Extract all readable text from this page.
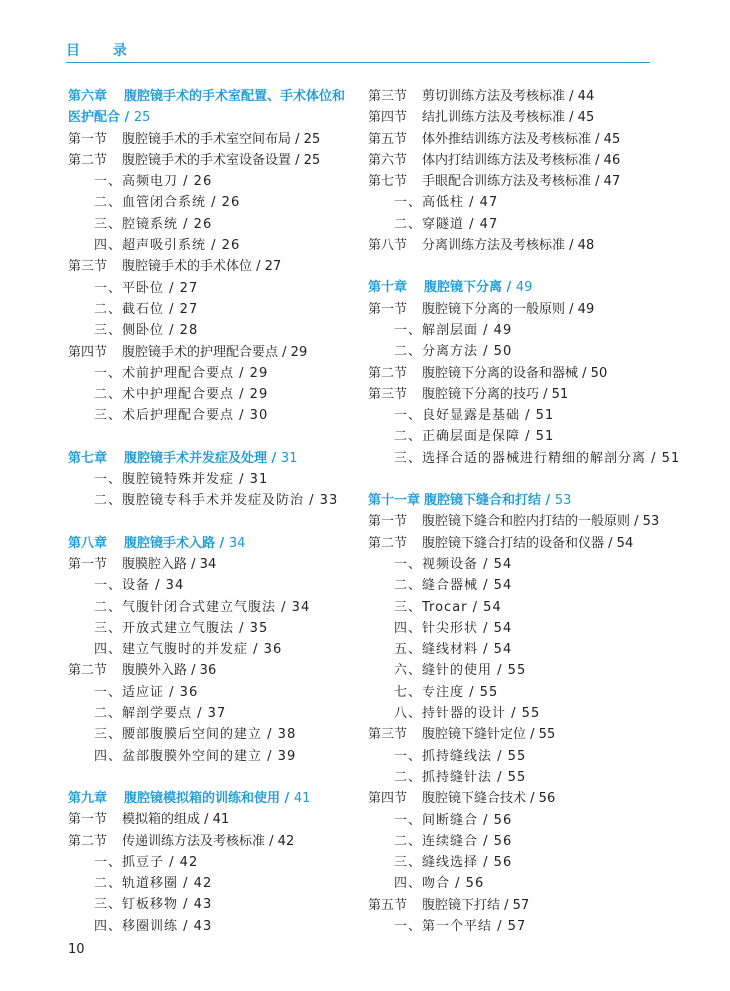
目 录
第六章 腹腔镜手术的手术室配置、手术体位和
医护配合 / 25
第一节 腹腔镜手术的手术室空间布局 / 25
第二节 腹腔镜手术的手术室设备设置 / 25
一、高频电刀 / 26
二、血管闭合系统 / 26
三、腔镜系统 / 26
四、超声吸引系统 / 26
第三节 腹腔镜手术的手术体位 / 27
一、平卧位 / 27
二、截石位 / 27
三、侧卧位 / 28
第四节 腹腔镜手术的护理配合要点 / 29
一、术前护理配合要点 / 29
二、术中护理配合要点 / 29
三、术后护理配合要点 / 30
第七章 腹腔镜手术并发症及处理 / 31
一、腹腔镜特殊并发症 / 31
二、腹腔镜专科手术并发症及防治 / 33
第八章 腹腔镜手术入路 / 34
第一节 腹膜腔入路 / 34
一、设备 / 34
二、气腹针闭合式建立气腹法 / 34
三、开放式建立气腹法 / 35
四、建立气腹时的并发症 / 36
第二节 腹膜外入路 / 36
一、适应证 / 36
二、解剖学要点 / 37
三、腰部腹膜后空间的建立 / 38
四、盆部腹膜外空间的建立 / 39
第九章 腹腔镜模拟箱的训练和使用 / 41
第一节 模拟箱的组成 / 41
第二节 传递训练方法及考核标准 / 42
一、抓豆子 / 42
二、轨道移圈 / 42
三、钉板移物 / 43
四、移圈训练 / 43
第三节 剪切训练方法及考核标准 / 44
第四节 结扎训练方法及考核标准 / 45
第五节 体外推结训练方法及考核标准 / 45
第六节 体内打结训练方法及考核标准 / 46
第七节 手眼配合训练方法及考核标准 / 47
一、高低柱 / 47
二、穿隧道 / 47
第八节 分离训练方法及考核标准 / 48
第十章 腹腔镜下分离 / 49
第一节 腹腔镜下分离的一般原则 / 49
一、解剖层面 / 49
二、分离方法 / 50
第二节 腹腔镜下分离的设备和器械 / 50
第三节 腹腔镜下分离的技巧 / 51
一、良好显露是基础 / 51
二、正确层面是保障 / 51
三、选择合适的器械进行精细的解剖分离 / 51
第十一章 腹腔镜下缝合和打结 / 53
第一节 腹腔镜下缝合和腔内打结的一般原则 / 53
第二节 腹腔镜下缝合打结的设备和仪器 / 54
一、视频设备 / 54
二、缝合器械 / 54
三、Trocar / 54
四、针尖形状 / 54
五、缝线材料 / 54
六、缝针的使用 / 55
七、专注度 / 55
八、持针器的设计 / 55
第三节 腹腔镜下缝针定位 / 55
一、抓持缝线法 / 55
二、抓持缝针法 / 55
第四节 腹腔镜下缝合技术 / 56
一、间断缝合 / 56
二、连续缝合 / 56
三、缝线选择 / 56
四、吻合 / 56
第五节 腹腔镜下打结 / 57
一、第一个平结 / 57
10
